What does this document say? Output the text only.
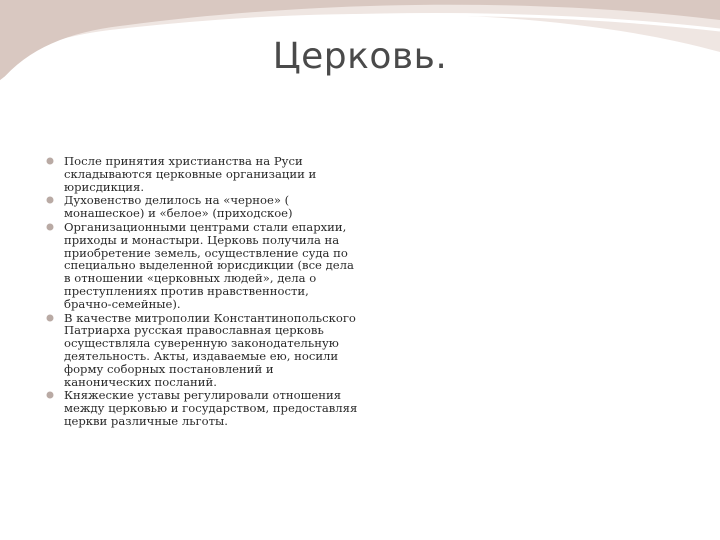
Церковь.
После принятия христианства на Руси складываются церковные организации и юрисдикция.
Духовенство делилось на «черное» ( монашеское) и «белое» (приходское)
Организационными центрами стали епархии, приходы и монастыри. Церковь получила на приобретение земель, осуществление суда по специально выделенной юрисдикции (все дела в отношении «церковных людей», дела о преступлениях против нравственности, брачно-семейные).
В качестве митрополии Константинопольского Патриарха русская православная церковь осуществляла суверенную законодательную деятельность. Акты, издаваемые ею, носили форму соборных постановлений и канонических посланий.
Княжеские уставы регулировали отношения между церковью и государством, предоставляя церкви различные льготы.
